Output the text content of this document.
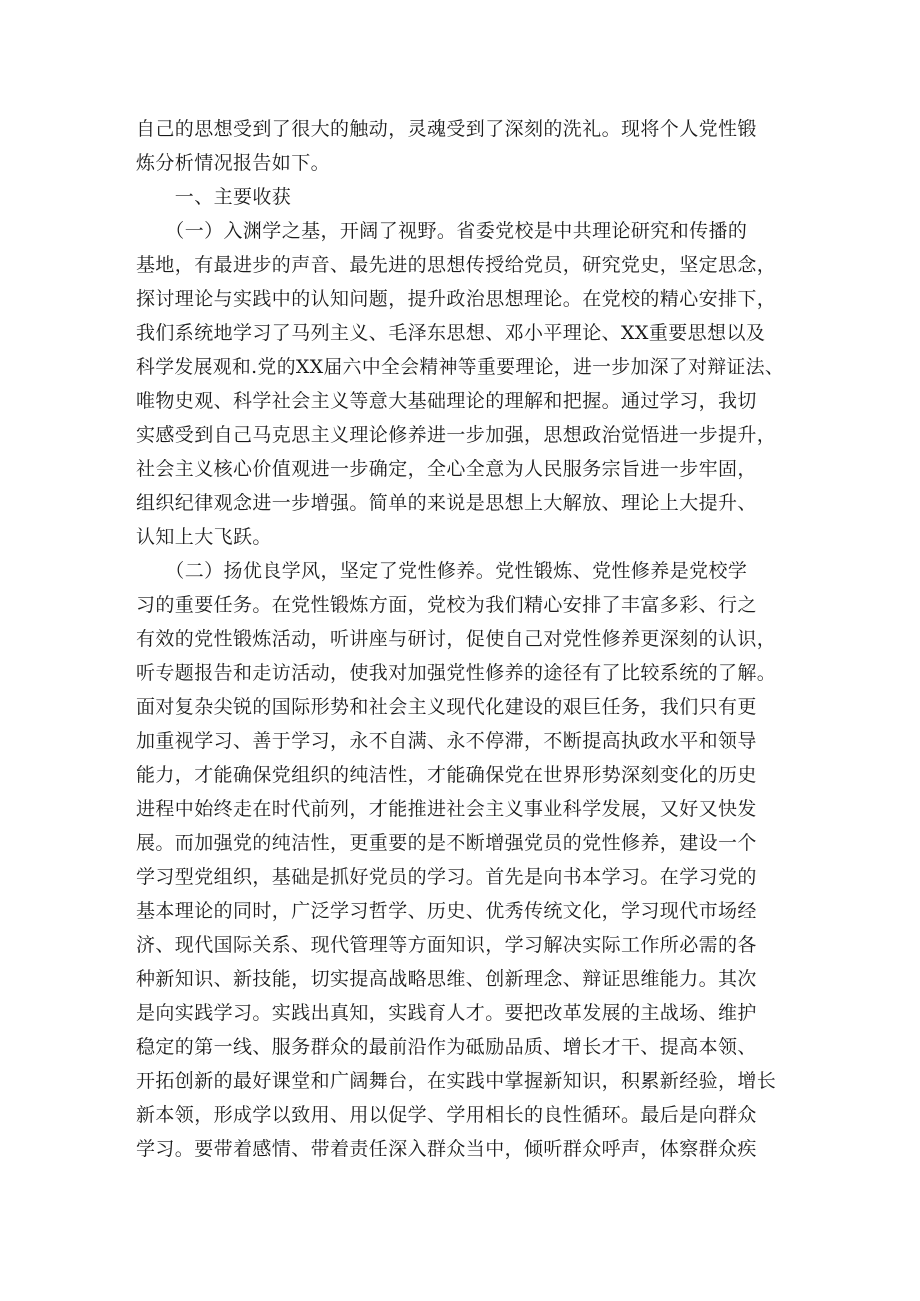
自己的思想受到了很大的触动，灵魂受到了深刻的洗礼。现将个人党性锻
炼分析情况报告如下。
　　一、主要收获
　　（一）入渊学之基，开阔了视野。省委党校是中共理论研究和传播的
基地，有最进步的声音、最先进的思想传授给党员，研究党史，坚定思念，
探讨理论与实践中的认知问题，提升政治思想理论。在党校的精心安排下，
我们系统地学习了马列主义、毛泽东思想、邓小平理论、XX重要思想以及
科学发展观和.党的XX届六中全会精神等重要理论，进一步加深了对辩证法、
唯物史观、科学社会主义等意大基础理论的理解和把握。通过学习，我切
实感受到自己马克思主义理论修养进一步加强，思想政治觉悟进一步提升，
社会主义核心价值观进一步确定，全心全意为人民服务宗旨进一步牢固，
组织纪律观念进一步增强。简单的来说是思想上大解放、理论上大提升、
认知上大飞跃。
　　（二）扬优良学风，坚定了党性修养。党性锻炼、党性修养是党校学
习的重要任务。在党性锻炼方面，党校为我们精心安排了丰富多彩、行之
有效的党性锻炼活动，听讲座与研讨，促使自己对党性修养更深刻的认识，
听专题报告和走访活动，使我对加强党性修养的途径有了比较系统的了解。
面对复杂尖锐的国际形势和社会主义现代化建设的艰巨任务，我们只有更
加重视学习、善于学习，永不自满、永不停滞，不断提高执政水平和领导
能力，才能确保党组织的纯洁性，才能确保党在世界形势深刻变化的历史
进程中始终走在时代前列，才能推进社会主义事业科学发展，又好又快发
展。而加强党的纯洁性，更重要的是不断增强党员的党性修养，建设一个
学习型党组织，基础是抓好党员的学习。首先是向书本学习。在学习党的
基本理论的同时，广泛学习哲学、历史、优秀传统文化，学习现代市场经
济、现代国际关系、现代管理等方面知识，学习解决实际工作所必需的各
种新知识、新技能，切实提高战略思维、创新理念、辩证思维能力。其次
是向实践学习。实践出真知，实践育人才。要把改革发展的主战场、维护
稳定的第一线、服务群众的最前沿作为砥励品质、增长才干、提高本领、
开拓创新的最好课堂和广阔舞台，在实践中掌握新知识，积累新经验，增长
新本领，形成学以致用、用以促学、学用相长的良性循环。最后是向群众
学习。要带着感情、带着责任深入群众当中，倾听群众呼声，体察群众疾
